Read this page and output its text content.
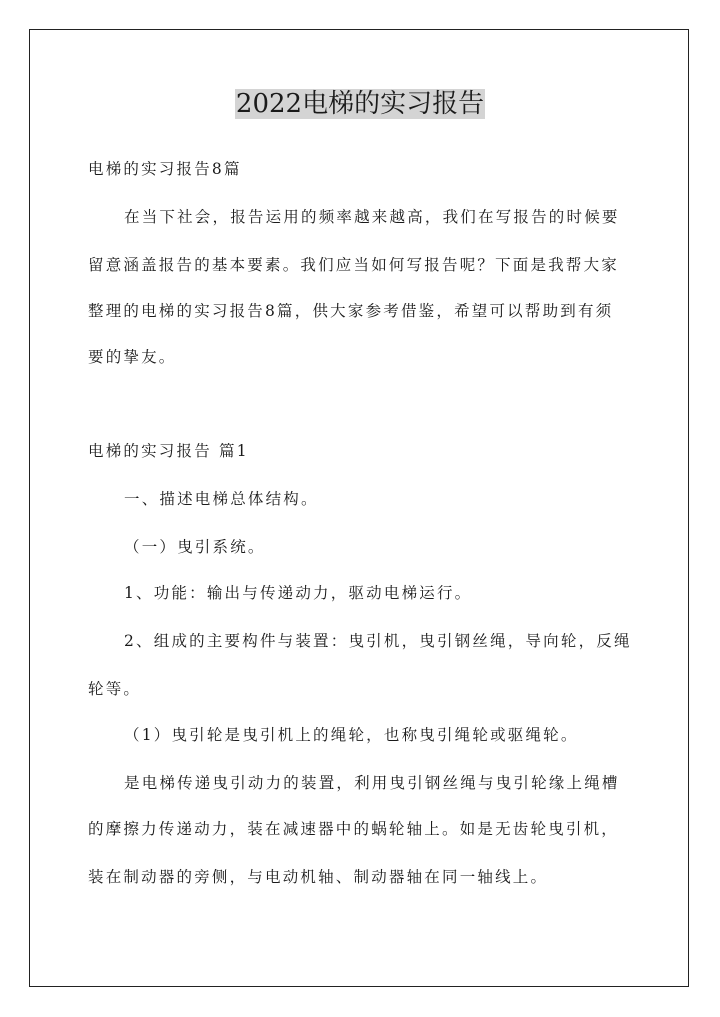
2022电梯的实习报告
电梯的实习报告8篇
在当下社会，报告运用的频率越来越高，我们在写报告的时候要
留意涵盖报告的基本要素。我们应当如何写报告呢？下面是我帮大家
整理的电梯的实习报告8篇，供大家参考借鉴，希望可以帮助到有须
要的挚友。
电梯的实习报告 篇1
一、描述电梯总体结构。
（一）曳引系统。
1、功能：输出与传递动力，驱动电梯运行。
2、组成的主要构件与装置：曳引机，曳引钢丝绳，导向轮，反绳
轮等。
（1）曳引轮是曳引机上的绳轮，也称曳引绳轮或驱绳轮。
是电梯传递曳引动力的装置，利用曳引钢丝绳与曳引轮缘上绳槽
的摩擦力传递动力，装在减速器中的蜗轮轴上。如是无齿轮曳引机，
装在制动器的旁侧，与电动机轴、制动器轴在同一轴线上。
